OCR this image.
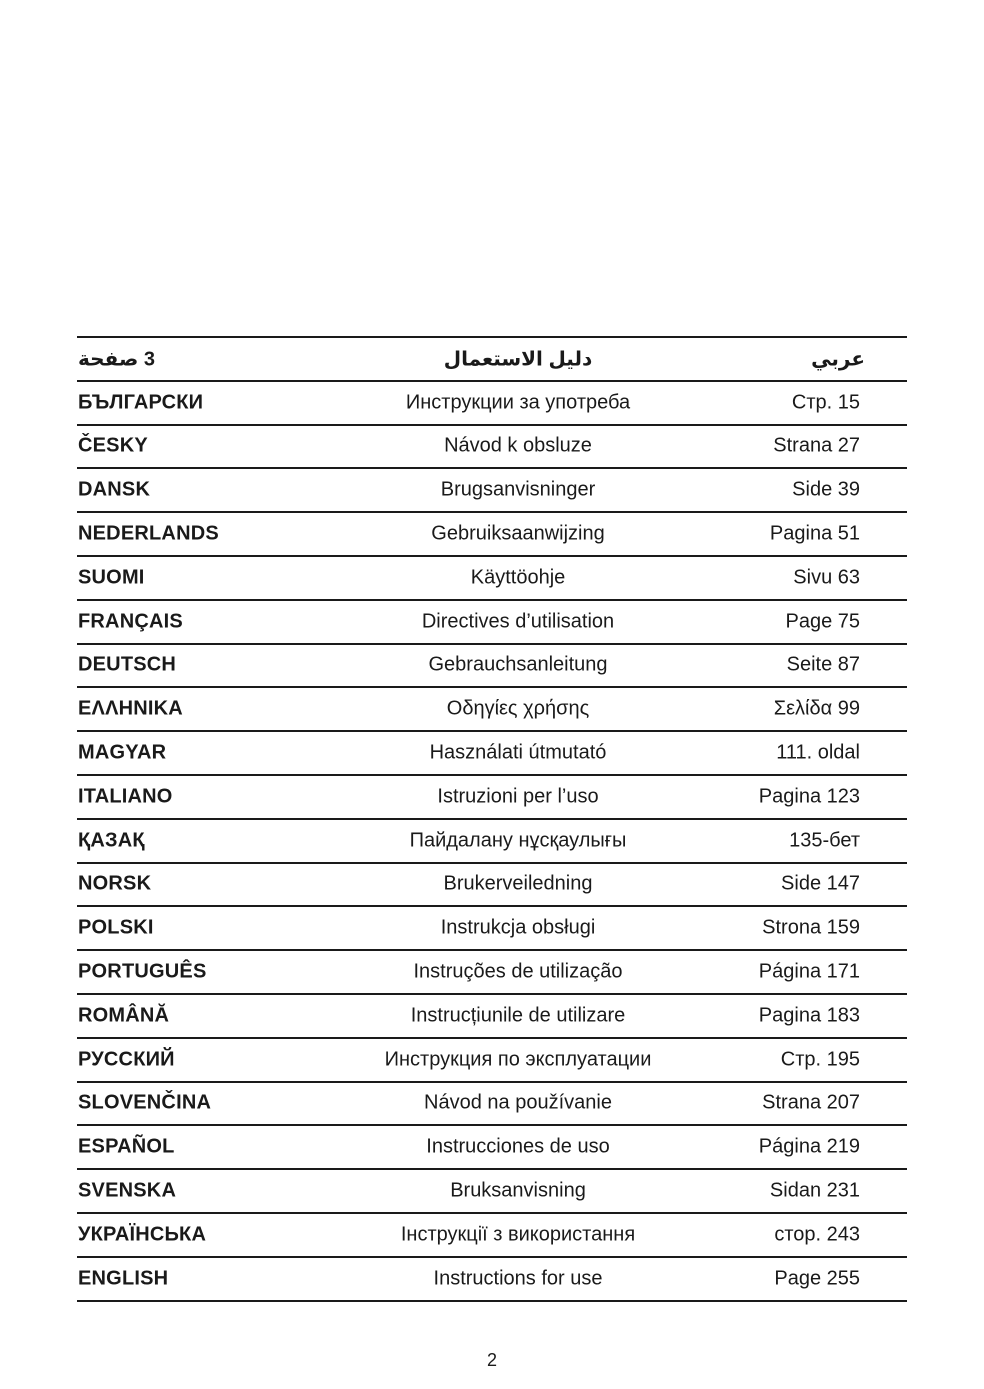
3 صفحة	دليل الاستعمال	عربي
БЪЛГАРСКИ	Инструкции за употреба	Стр. 15
ČESKY	Návod k obsluze	Strana 27
DANSK	Brugsanvisninger	Side 39
NEDERLANDS	Gebruiksaanwijzing	Pagina 51
SUOMI	Käyttöohje	Sivu 63
FRANÇAIS	Directives d’utilisation	Page 75
DEUTSCH	Gebrauchsanleitung	Seite 87
ΕΛΛΗΝΙΚΑ	Οδηγίες χρήσης	Σελίδα 99
MAGYAR	Használati útmutató	111. oldal
ITALIANO	Istruzioni per l’uso	Pagina 123
ҚАЗАҚ	Пайдалану нұсқаулығы	135-бет
NORSK	Brukerveiledning	Side 147
POLSKI	Instrukcja obsługi	Strona 159
PORTUGUÊS	Instruções de utilização	Página 171
ROMÂNĂ	Instrucțiunile de utilizare	Pagina 183
РУССКИЙ	Инструкция по эксплуатации	Стр. 195
SLOVENČINA	Návod na používanie	Strana 207
ESPAÑOL	Instrucciones de uso	Página 219
SVENSKA	Bruksanvisning	Sidan 231
УКРАЇНСЬКА	Інструкції з використання	стор. 243
ENGLISH	Instructions for use	Page 255
2
